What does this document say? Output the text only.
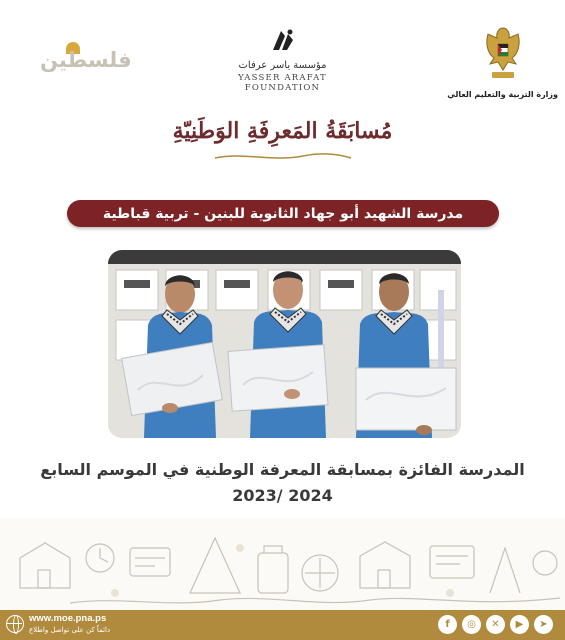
فلسطين	مؤسسة ياسر عرفات
YASSER ARAFAT FOUNDATION
وزارة التربية والتعليم العالي
مُسابَقَةُ المَعرِفَةِ الوَطَنِيّةِ
مدرسة الشهيد أبو جهاد الثانوية للبنين - تربية قباطية
المدرسة الفائزة بمسابقة المعرفة الوطنية في الموسم السابع
2023/ 2024
www.moe.pna.ps
دائماً كن على تواصل واطلاع	f	◎	✕	▶	➤
